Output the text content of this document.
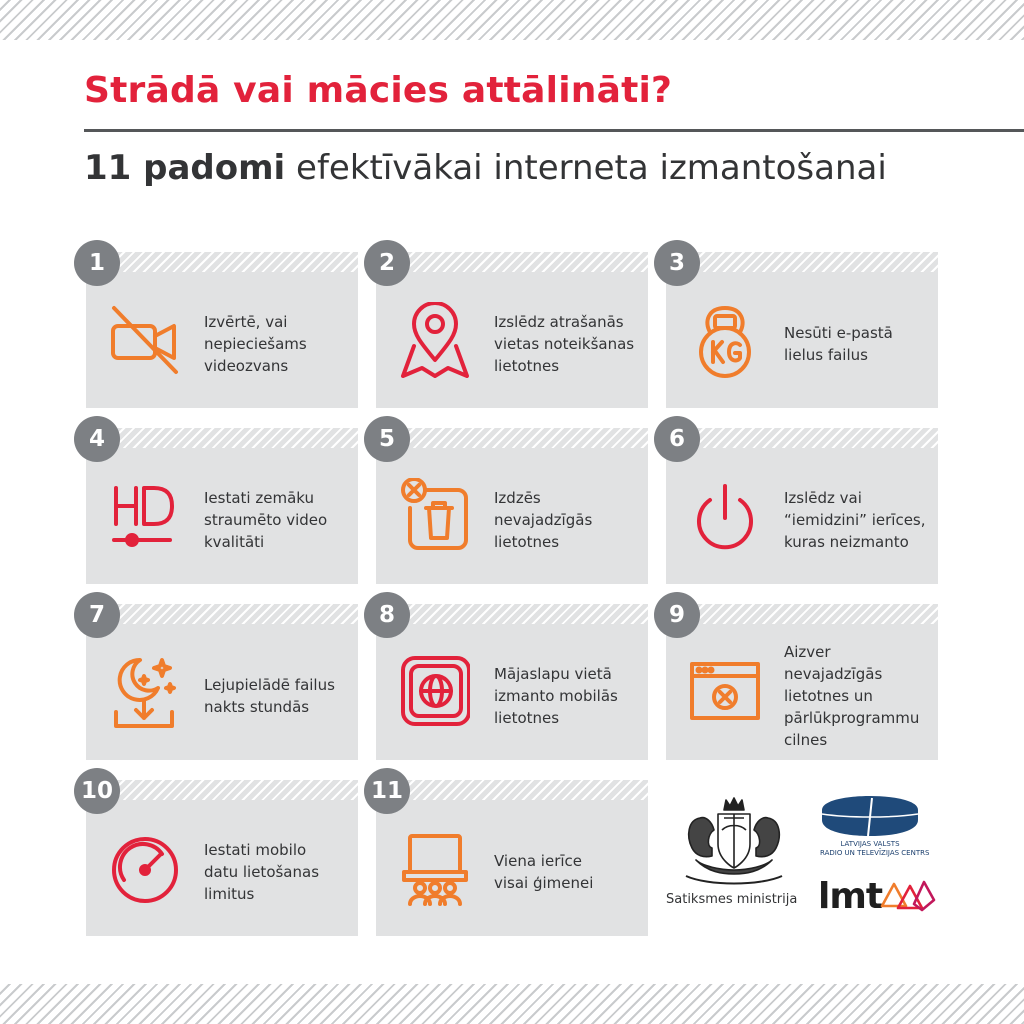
Strādā vai mācies attālināti?
11 padomi efektīvākai interneta izmantošanai
1
Izvērtē, vai
nepieciešams
videozvans
2
Izslēdz atrašanās
vietas noteikšanas
lietotnes
3
Nesūti e-pastā
lielus failus
4
Iestati zemāku
straumēto video
kvalitāti
5
Izdzēs
nevajadzīgās
lietotnes
6
Izslēdz vai
“iemidzini” ierīces,
kuras neizmanto
7
Lejupielādē failus
nakts stundās
8
Mājaslapu vietā
izmanto mobilās
lietotnes
9
Aizver nevajadzīgās
lietotnes un
pārlūkprogrammu
cilnes
10
Iestati mobilo
datu lietošanas
limitus
11
Viena ierīce
visai ģimenei
Satiksmes ministrija
LATVIJAS VALSTS
RADIO UN TELEVĪZIJAS CENTRS
lmt
